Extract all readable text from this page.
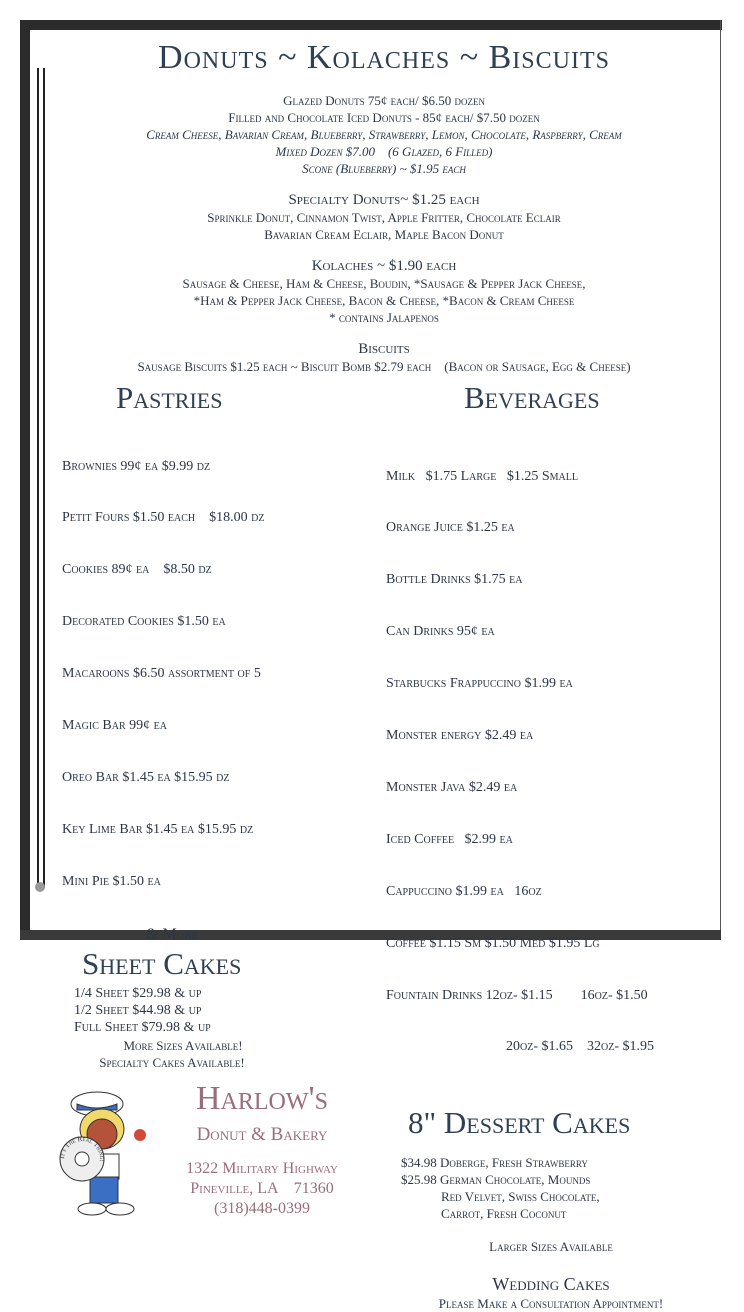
Donuts ~ Kolaches ~ Biscuits
Glazed Donuts 75¢ each/ $6.50 dozen
Filled and Chocolate Iced Donuts - 85¢ each/ $7.50 dozen
Cream Cheese, Bavarian Cream, Blueberry, Strawberry, Lemon, Chocolate, Raspberry, Cream
Mixed Dozen $7.00    (6 Glazed, 6 Filled)
Scone (Blueberry) ~ $1.95 each
Specialty Donuts~ $1.25 each
Sprinkle Donut, Cinnamon Twist, Apple Fritter, Chocolate Eclair
Bavarian Cream Eclair, Maple Bacon Donut
Kolaches ~ $1.90 each
Sausage & Cheese, Ham & Cheese, Boudin, *Sausage & Pepper Jack Cheese,
*Ham & Pepper Jack Cheese, Bacon & Cheese, *Bacon & Cream Cheese
* contains Jalapenos
Biscuits
Sausage Biscuits $1.25 each ~ Biscuit Bomb $2.79 each    (Bacon or Sausage, Egg & Cheese)
Pastries

Brownies 99¢ ea $9.99 dz

Petit Fours $1.50 each    $18.00 dz

Cookies 89¢ ea    $8.50 dz

Decorated Cookies $1.50 ea

Macaroons $6.50 assortment of 5

Magic Bar 99¢ ea

Oreo Bar $1.45 ea $15.95 dz

Key Lime Bar $1.45 ea $15.95 dz

Mini Pie $1.50 ea

& More
Sheet Cakes
1/4 Sheet $29.98 & up
1/2 Sheet $44.98 & up
Full Sheet $79.98 & up
More Sizes Available!
Specialty Cakes Available!
It's The Real Thing!
Harlow's
Donut & Bakery
1322 Military Highway
Pineville, LA    71360
(318)448-0399
Beverages

Milk   $1.75 Large   $1.25 Small

Orange Juice $1.25 ea

Bottle Drinks $1.75 ea

Can Drinks 95¢ ea

Starbucks Frappuccino $1.99 ea

Monster energy $2.49 ea

Monster Java $2.49 ea

Iced Coffee   $2.99 ea

Cappuccino $1.99 ea   16oz

Coffee $1.15 Sm $1.50 Med $1.95 Lg

Fountain Drinks 12oz- $1.15        16oz- $1.50

20oz- $1.65    32oz- $1.95

8" Dessert Cakes
$34.98 Doberge, Fresh Strawberry
$25.98 German Chocolate, Mounds
Red Velvet, Swiss Chocolate,
Carrot, Fresh Coconut
Larger Sizes Available
Wedding Cakes
Please Make a Consultation Appointment!
